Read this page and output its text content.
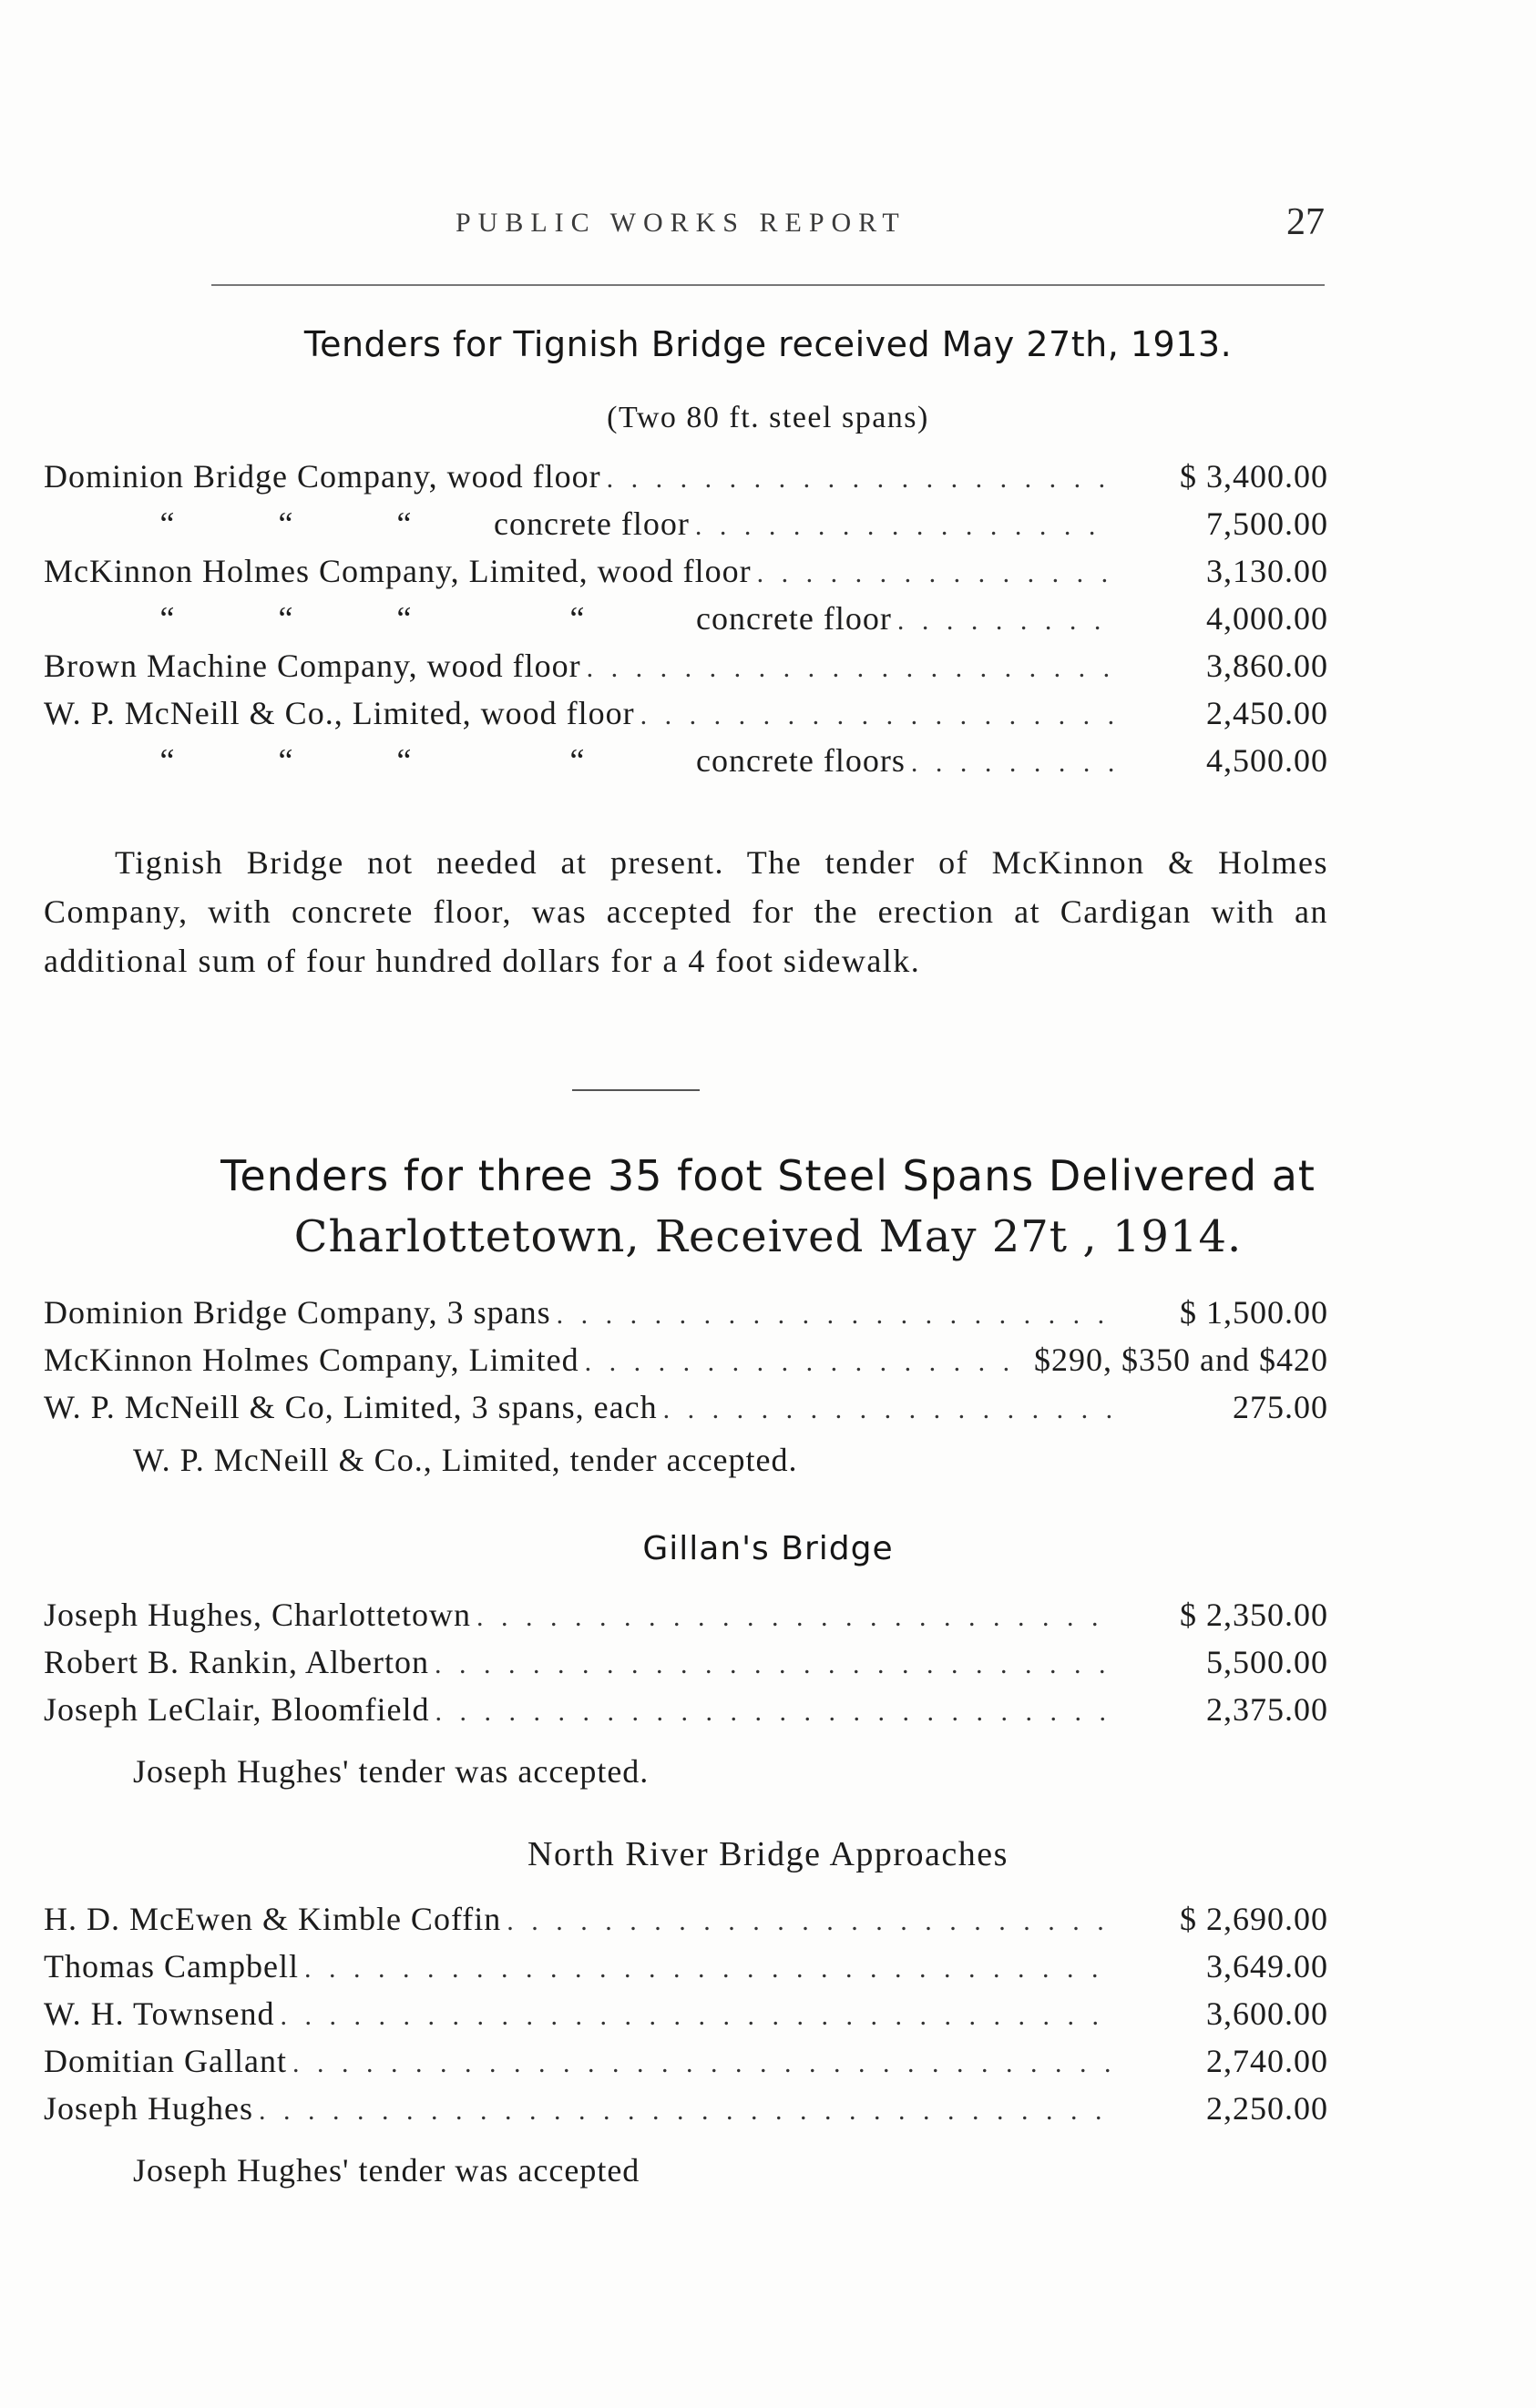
PUBLIC WORKS REPORT	27
Tenders for Tignish Bridge received May 27th, 1913.
(Two 80 ft. steel spans)
Dominion Bridge Company, wood floor . . .	$ 3,400.00
“	“	“ concrete floor . . .	7,500.00
McKinnon Holmes Company, Limited, wood floor . . .	3,130.00
“	“	“	“	concrete floor . . .	4,000.00
Brown Machine Company, wood floor . . .	3,860.00
W. P. McNeill & Co., Limited, wood floor . . .	2,450.00
“	“	“	“	concrete floors . . .	4,500.00

Tignish Bridge not needed at present. The tender of McKinnon & Holmes Company, with concrete floor, was accepted for the erection at Cardigan with an additional sum of four hundred dollars for a 4 foot sidewalk.

Tenders for three 35 foot Steel Spans Delivered at
Charlottetown, Received May 27t , 1914.
Dominion Bridge Company, 3 spans . . .	$ 1,500.00
McKinnon Holmes Company, Limited . . .	$290, $350 and $420
W. P. McNeill & Co, Limited, 3 spans, each . . .	275.00
W. P. McNeill & Co., Limited, tender accepted.
Gillan's Bridge
Joseph Hughes, Charlottetown . . .	$ 2,350.00
Robert B. Rankin, Alberton . . .	5,500.00
Joseph LeClair, Bloomfield . . .	2,375.00
Joseph Hughes' tender was accepted.
North River Bridge Approaches
H. D. McEwen & Kimble Coffin . . .	$ 2,690.00
Thomas Campbell . . .	3,649.00
W. H. Townsend . . .	3,600.00
Domitian Gallant . . .	2,740.00
Joseph Hughes . . .	2,250.00
Joseph Hughes' tender was accepted
